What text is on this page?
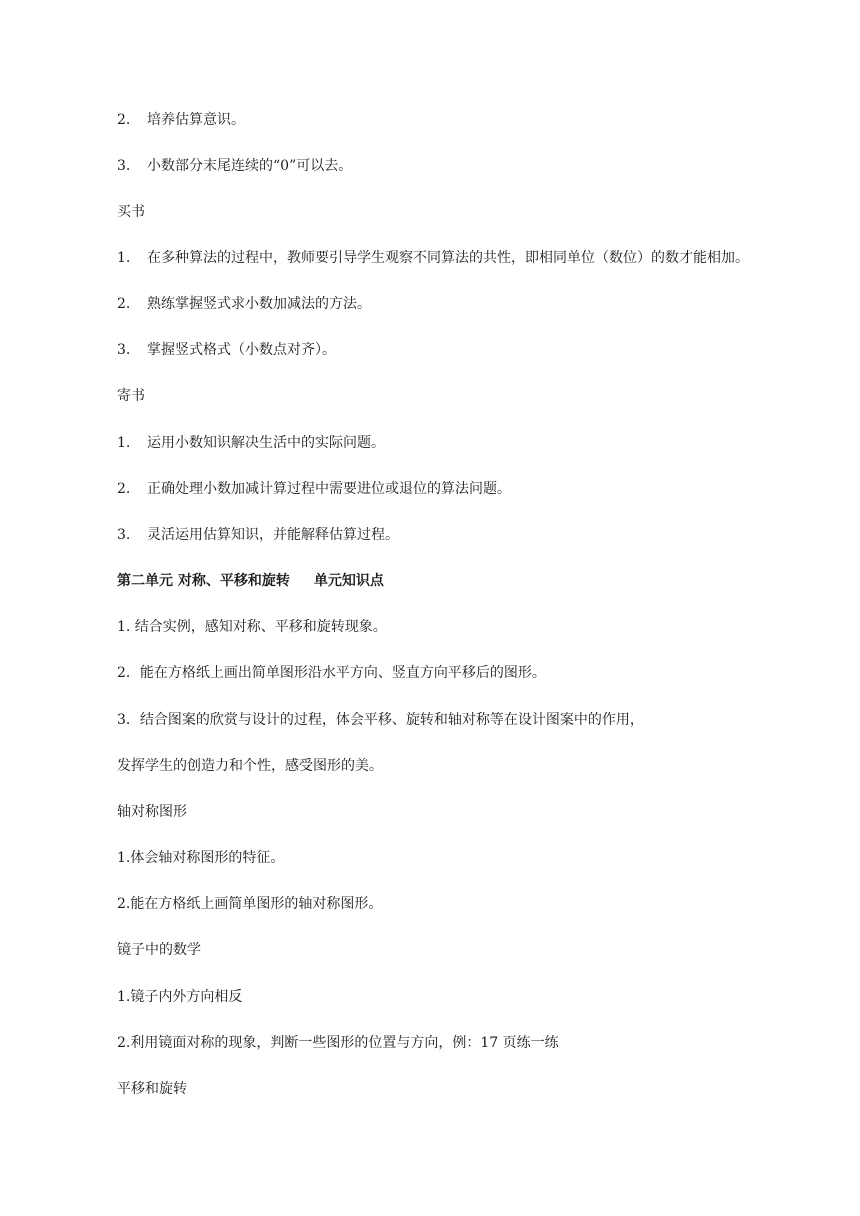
2. 培养估算意识。
3. 小数部分末尾连续的“0”可以去。
买书
1. 在多种算法的过程中，教师要引导学生观察不同算法的共性，即相同单位（数位）的数才能相加。
2. 熟练掌握竖式求小数加减法的方法。
3. 掌握竖式格式（小数点对齐）。
寄书
1. 运用小数知识解决生活中的实际问题。
2. 正确处理小数加减计算过程中需要进位或退位的算法问题。
3. 灵活运用估算知识，并能解释估算过程。
第二单元 对称、平移和旋转 单元知识点
1. 结合实例，感知对称、平移和旋转现象。
2．能在方格纸上画出简单图形沿水平方向、竖直方向平移后的图形。
3．结合图案的欣赏与设计的过程，体会平移、旋转和轴对称等在设计图案中的作用，
发挥学生的创造力和个性，感受图形的美。
轴对称图形
1.体会轴对称图形的特征。
2.能在方格纸上画简单图形的轴对称图形。
镜子中的数学
1.镜子内外方向相反
2.利用镜面对称的现象，判断一些图形的位置与方向，例：17 页练一练
平移和旋转
